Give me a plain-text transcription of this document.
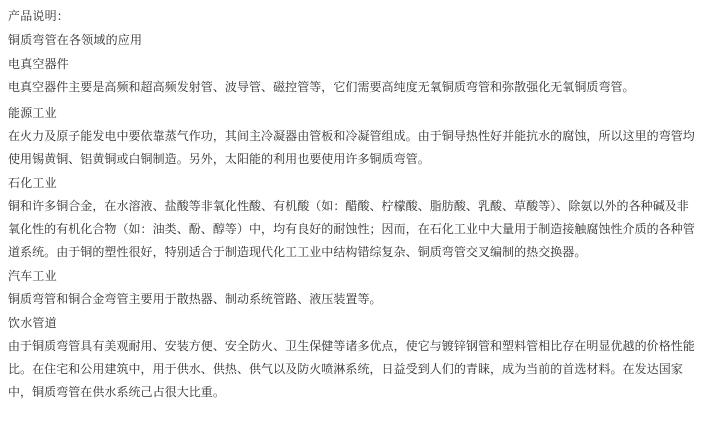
产品说明：
铜质弯管在各领域的应用
电真空器件
电真空器件主要是高频和超高频发射管、波导管、磁控管等，它们需要高纯度无氧铜质弯管和弥散强化无氧铜质弯管。
能源工业
在火力及原子能发电中要依靠蒸气作功，其间主冷凝器由管板和冷凝管组成。由于铜导热性好并能抗水的腐蚀，所以这里的弯管均使用锡黄铜、铝黄铜或白铜制造。另外，太阳能的利用也要使用许多铜质弯管。
石化工业
铜和许多铜合金，在水溶液、盐酸等非氧化性酸、有机酸（如：醋酸、柠檬酸、脂肪酸、乳酸、草酸等）、除氨以外的各种碱及非氧化性的有机化合物（如：油类、酚、醇等）中，均有良好的耐蚀性；因而，在石化工业中大量用于制造接触腐蚀性介质的各种管道系统。由于铜的塑性很好，特别适合于制造现代化工工业中结构错综复杂、铜质弯管交叉编制的热交换器。
汽车工业
铜质弯管和铜合金弯管主要用于散热器、制动系统管路、液压装置等。
饮水管道
由于铜质弯管具有美观耐用、安装方便、安全防火、卫生保健等诸多优点，使它与镀锌钢管和塑料管相比存在明显优越的价格性能比。在住宅和公用建筑中，用于供水、供热、供气以及防火喷淋系统，日益受到人们的青睐，成为当前的首选材料。在发达国家中，铜质弯管在供水系统己占很大比重。
